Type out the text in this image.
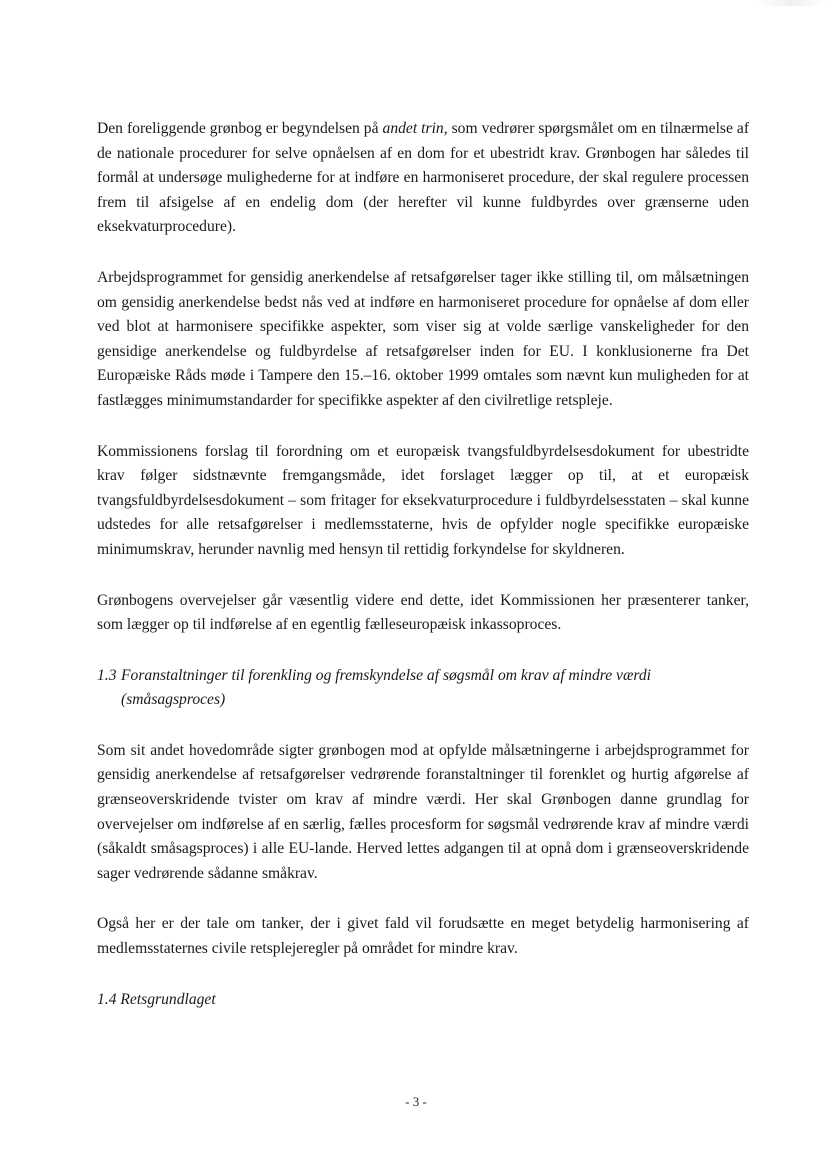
Den foreliggende grønbog er begyndelsen på andet trin, som vedrører spørgsmålet om en tilnærmelse af de nationale procedurer for selve opnåelsen af en dom for et ubestridt krav. Grønbogen har således til formål at undersøge mulighederne for at indføre en harmoniseret procedure, der skal regulere processen frem til afsigelse af en endelig dom (der herefter vil kunne fuldbyrdes over grænserne uden eksekvaturprocedure).

Arbejdsprogrammet for gensidig anerkendelse af retsafgørelser tager ikke stilling til, om målsætningen om gensidig anerkendelse bedst nås ved at indføre en harmoniseret procedure for opnåelse af dom eller ved blot at harmonisere specifikke aspekter, som viser sig at volde særlige vanskeligheder for den gensidige anerkendelse og fuldbyrdelse af retsafgørelser inden for EU. I konklusionerne fra Det Europæiske Råds møde i Tampere den 15.–16. oktober 1999 omtales som nævnt kun muligheden for at fastlægges minimumstandarder for specifikke aspekter af den civilretlige retspleje.

Kommissionens forslag til forordning om et europæisk tvangsfuldbyrdelsesdokument for ubestridte krav følger sidstnævnte fremgangsmåde, idet forslaget lægger op til, at et europæisk tvangsfuldbyrdelsesdokument – som fritager for eksekvaturprocedure i fuldbyrdelsesstaten – skal kunne udstedes for alle retsafgørelser i medlemsstaterne, hvis de opfylder nogle specifikke europæiske minimumskrav, herunder navnlig med hensyn til rettidig forkyndelse for skyldneren.

Grønbogens overvejelser går væsentlig videre end dette, idet Kommissionen her præsenterer tanker, som lægger op til indførelse af en egentlig fælleseuropæisk inkassoproces.

1.3 Foranstaltninger til forenkling og fremskyndelse af søgsmål om krav af mindre værdi (småsagsproces)

Som sit andet hovedområde sigter grønbogen mod at opfylde målsætningerne i arbejdsprogrammet for gensidig anerkendelse af retsafgørelser vedrørende foranstaltninger til forenklet og hurtig afgørelse af grænseoverskridende tvister om krav af mindre værdi. Her skal Grønbogen danne grundlag for overvejelser om indførelse af en særlig, fælles procesform for søgsmål vedrørende krav af mindre værdi (såkaldt småsagsproces) i alle EU-lande. Herved lettes adgangen til at opnå dom i grænseoverskridende sager vedrørende sådanne småkrav.

Også her er der tale om tanker, der i givet fald vil forudsætte en meget betydelig harmonisering af medlemsstaternes civile retsplejeregler på området for mindre krav.

1.4 Retsgrundlaget
- 3 -
